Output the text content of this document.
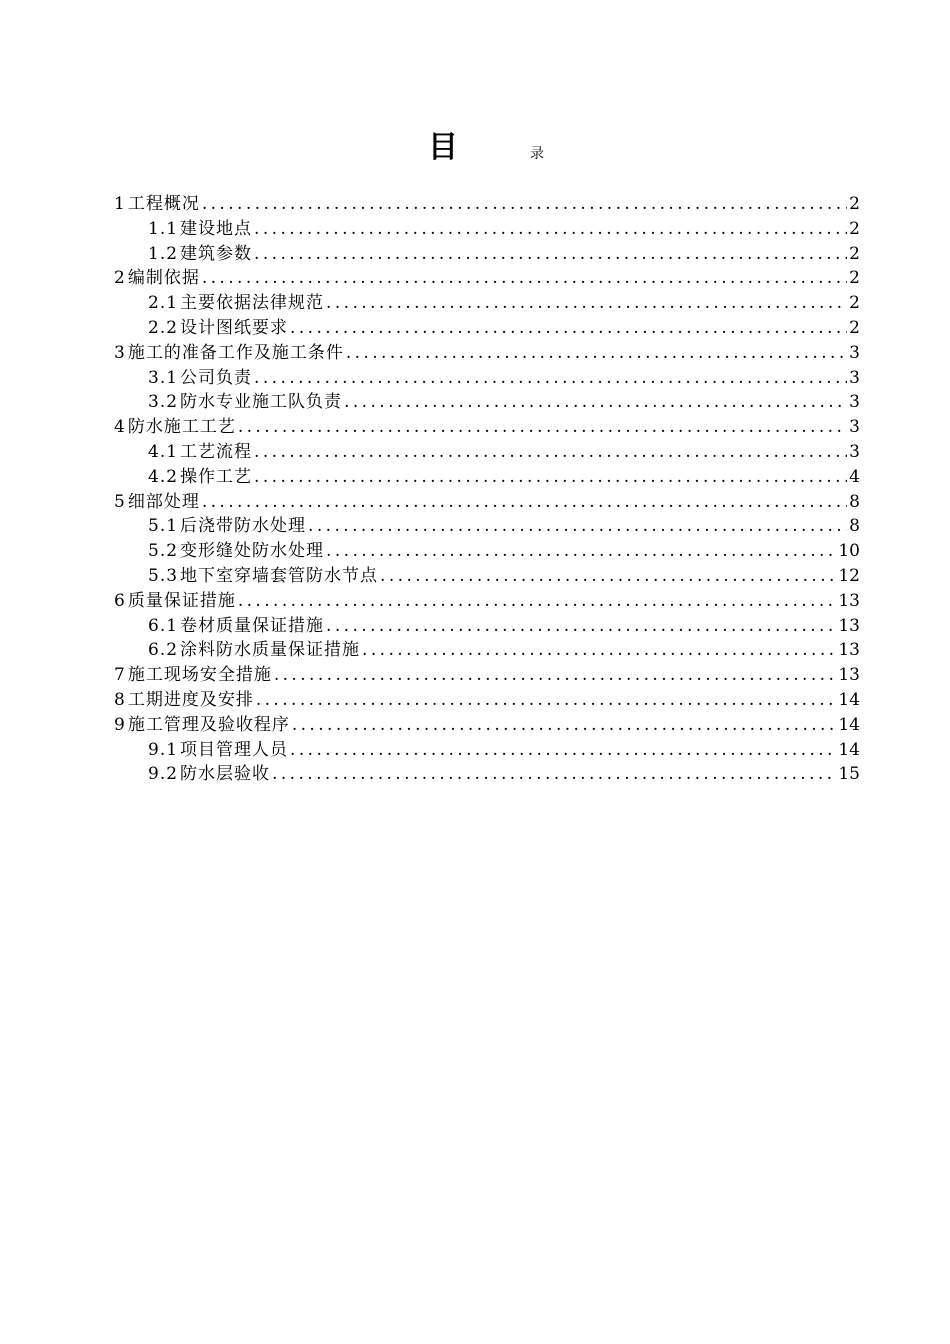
目	录
1 工程概况 .....	2
1.1 建设地点 .....	2
1.2 建筑参数 .....	2
2 编制依据 .....	2
2.1 主要依据法律规范 .....	2
2.2 设计图纸要求 .....	2
3 施工的准备工作及施工条件 .....	3
3.1 公司负责 .....	3
3.2 防水专业施工队负责 .....	3
4 防水施工工艺 .....	3
4.1 工艺流程 .....	3
4.2 操作工艺 .....	4
5 细部处理 .....	8
5.1 后浇带防水处理 .....	8
5.2 变形缝处防水处理 .....	10
5.3 地下室穿墙套管防水节点 .....	12
6 质量保证措施 .....	13
6.1 卷材质量保证措施 .....	13
6.2 涂料防水质量保证措施 .....	13
7 施工现场安全措施 .....	13
8 工期进度及安排 .....	14
9 施工管理及验收程序 .....	14
9.1 项目管理人员 .....	14
9.2 防水层验收 .....	15
